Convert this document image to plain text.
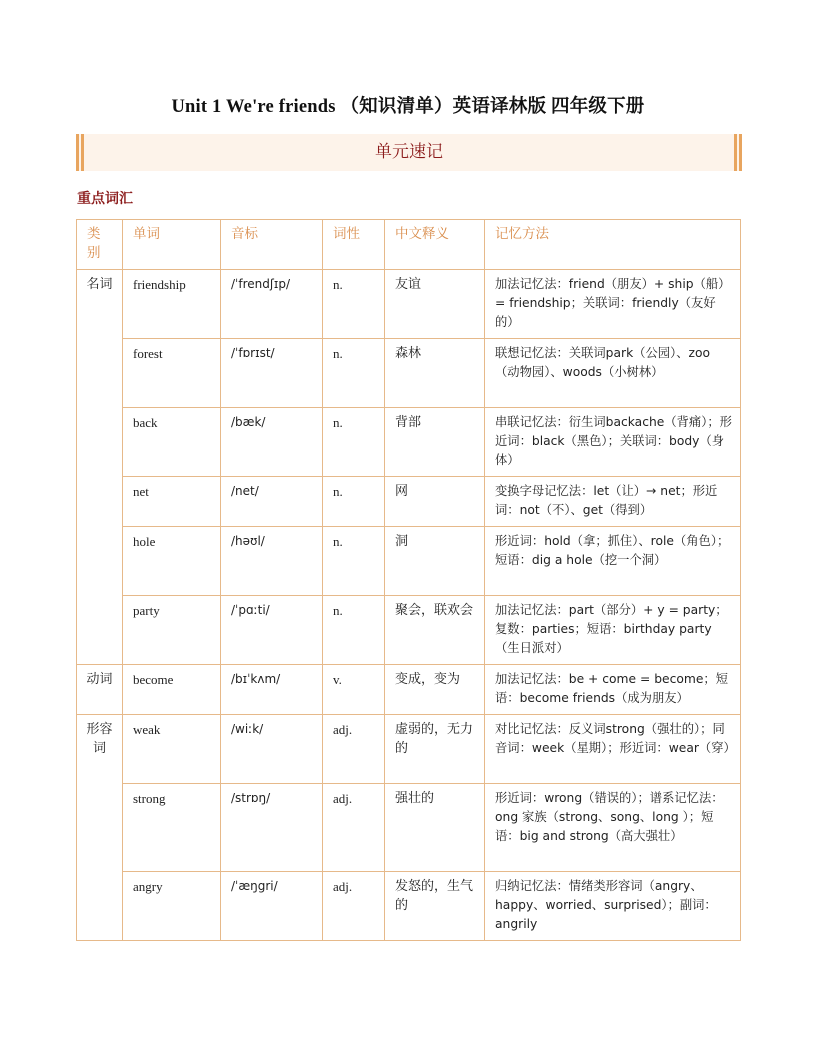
Unit 1 We're friends （知识清单）英语译林版 四年级下册
单元速记
重点词汇
类别	单词	音标	词性	中文释义	记忆方法
名词	friendship	/ˈfrendʃɪp/	n.	友谊	加法记忆法：friend（朋友）+ ship（船）= friendship；关联词：friendly（友好的）
	forest	/ˈfɒrɪst/	n.	森林	联想记忆法：关联词park（公园）、zoo（动物园）、woods（小树林）
	back	/bæk/	n.	背部	串联记忆法：衍生词backache（背痛）；形近词：black（黑色）；关联词：body（身体）
	net	/net/	n.	网	变换字母记忆法：let（让）→ net；形近词：not（不）、get（得到）
	hole	/həʊl/	n.	洞	形近词：hold（拿；抓住）、role（角色）；短语：dig a hole（挖一个洞）
	party	/ˈpɑːti/	n.	聚会，联欢会	加法记忆法：part（部分）+ y = party；复数：parties；短语：birthday party（生日派对）
动词	become	/bɪˈkʌm/	v.	变成，变为	加法记忆法：be + come = become；短语：become friends（成为朋友）
形容词	weak	/wiːk/	adj.	虚弱的，无力的	对比记忆法：反义词strong（强壮的）；同音词：week（星期）；形近词：wear（穿）
	strong	/strɒŋ/	adj.	强壮的	形近词：wrong（错误的）；谱系记忆法：ong 家族（strong、song、long ）；短语：big and strong（高大强壮）
	angry	/ˈæŋgri/	adj.	发怒的，生气的	归纳记忆法：情绪类形容词（angry、happy、worried、surprised）；副词：angrily
